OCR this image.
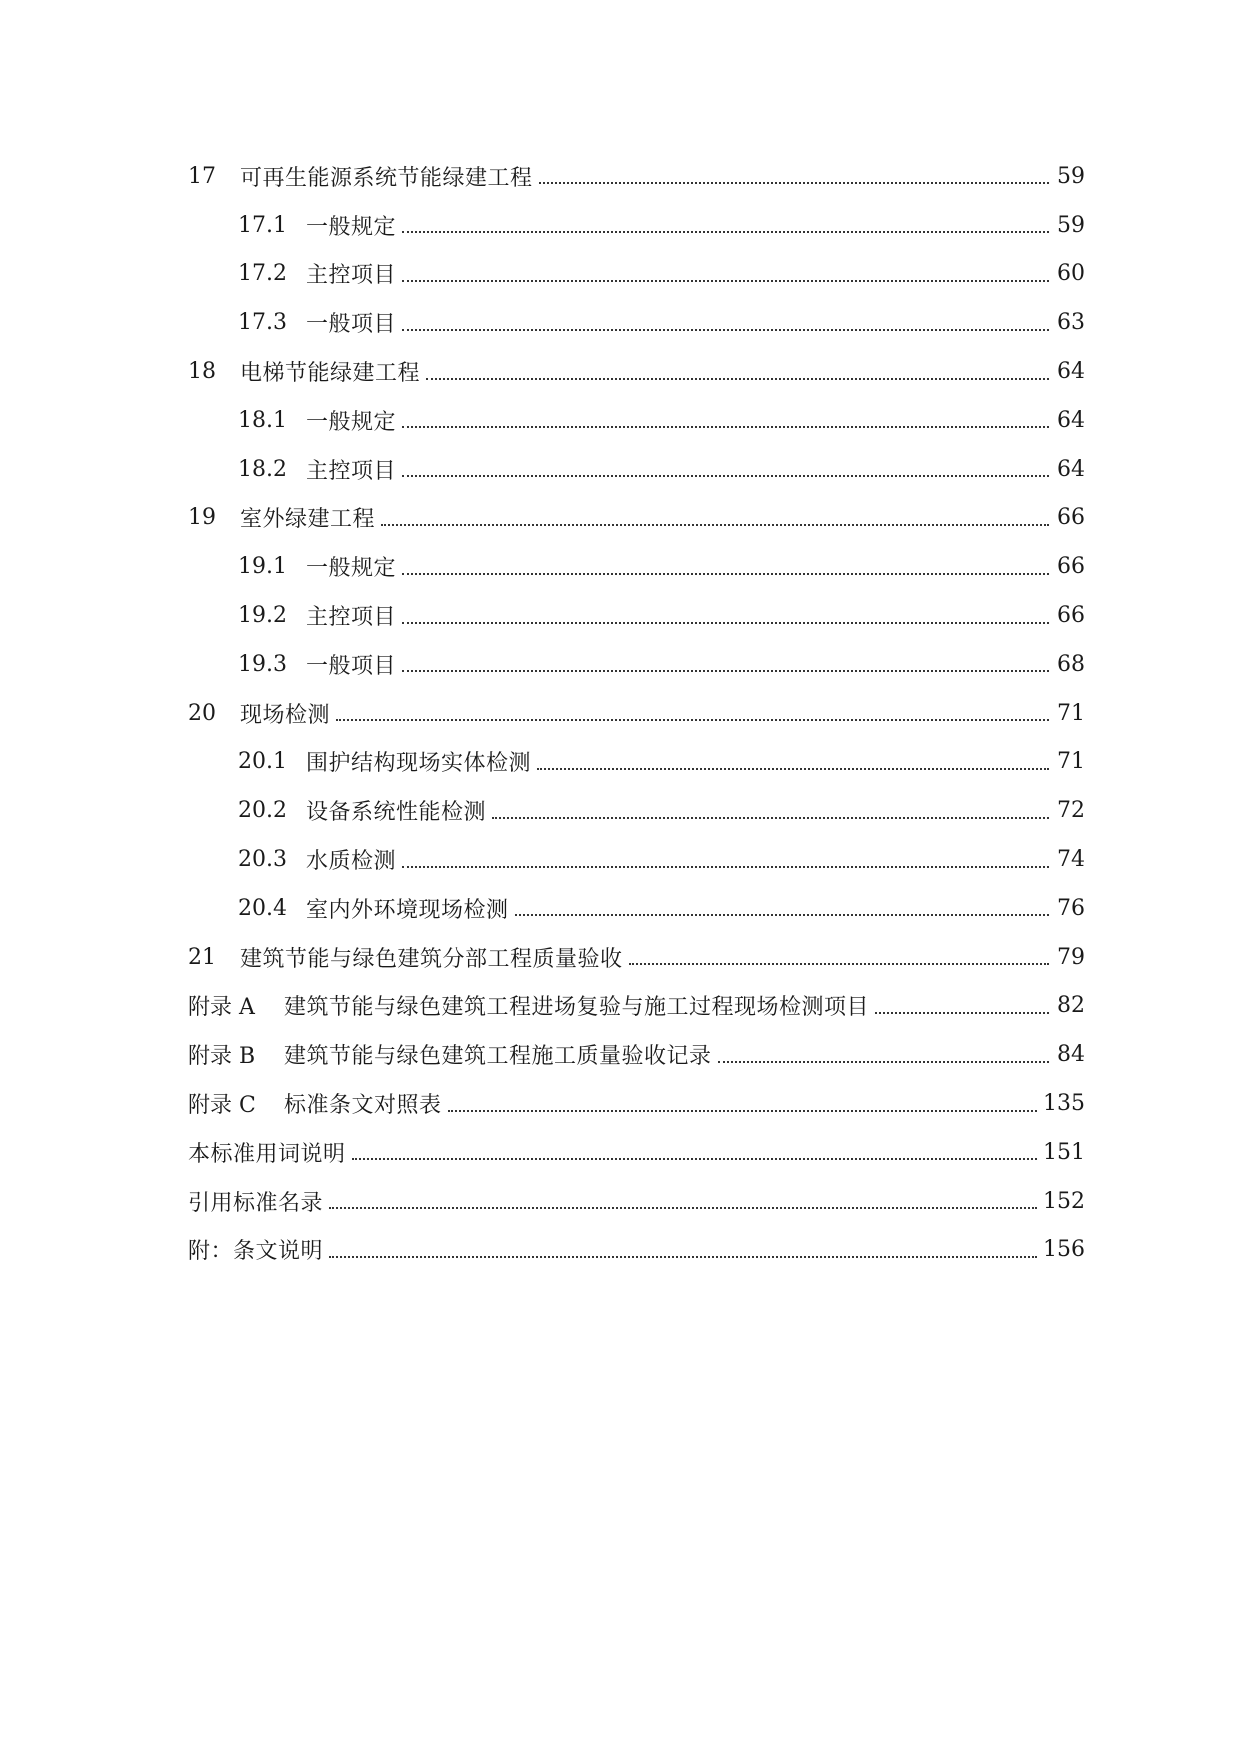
17	可再生能源系统节能绿建工程	59
17.1 一般规定	59
17.2 主控项目	60
17.3 一般项目	63
18	电梯节能绿建工程	64
18.1 一般规定	64
18.2 主控项目	64
19	室外绿建工程	66
19.1 一般规定	66
19.2 主控项目	66
19.3 一般项目	68
20	现场检测	71
20.1 围护结构现场实体检测	71
20.2 设备系统性能检测	72
20.3 水质检测	74
20.4 室内外环境现场检测	76
21	建筑节能与绿色建筑分部工程质量验收	79
附录 A	建筑节能与绿色建筑工程进场复验与施工过程现场检测项目	82
附录 B	建筑节能与绿色建筑工程施工质量验收记录	84
附录 C	标准条文对照表	135
本标准用词说明	151
引用标准名录	152
附：条文说明	156
